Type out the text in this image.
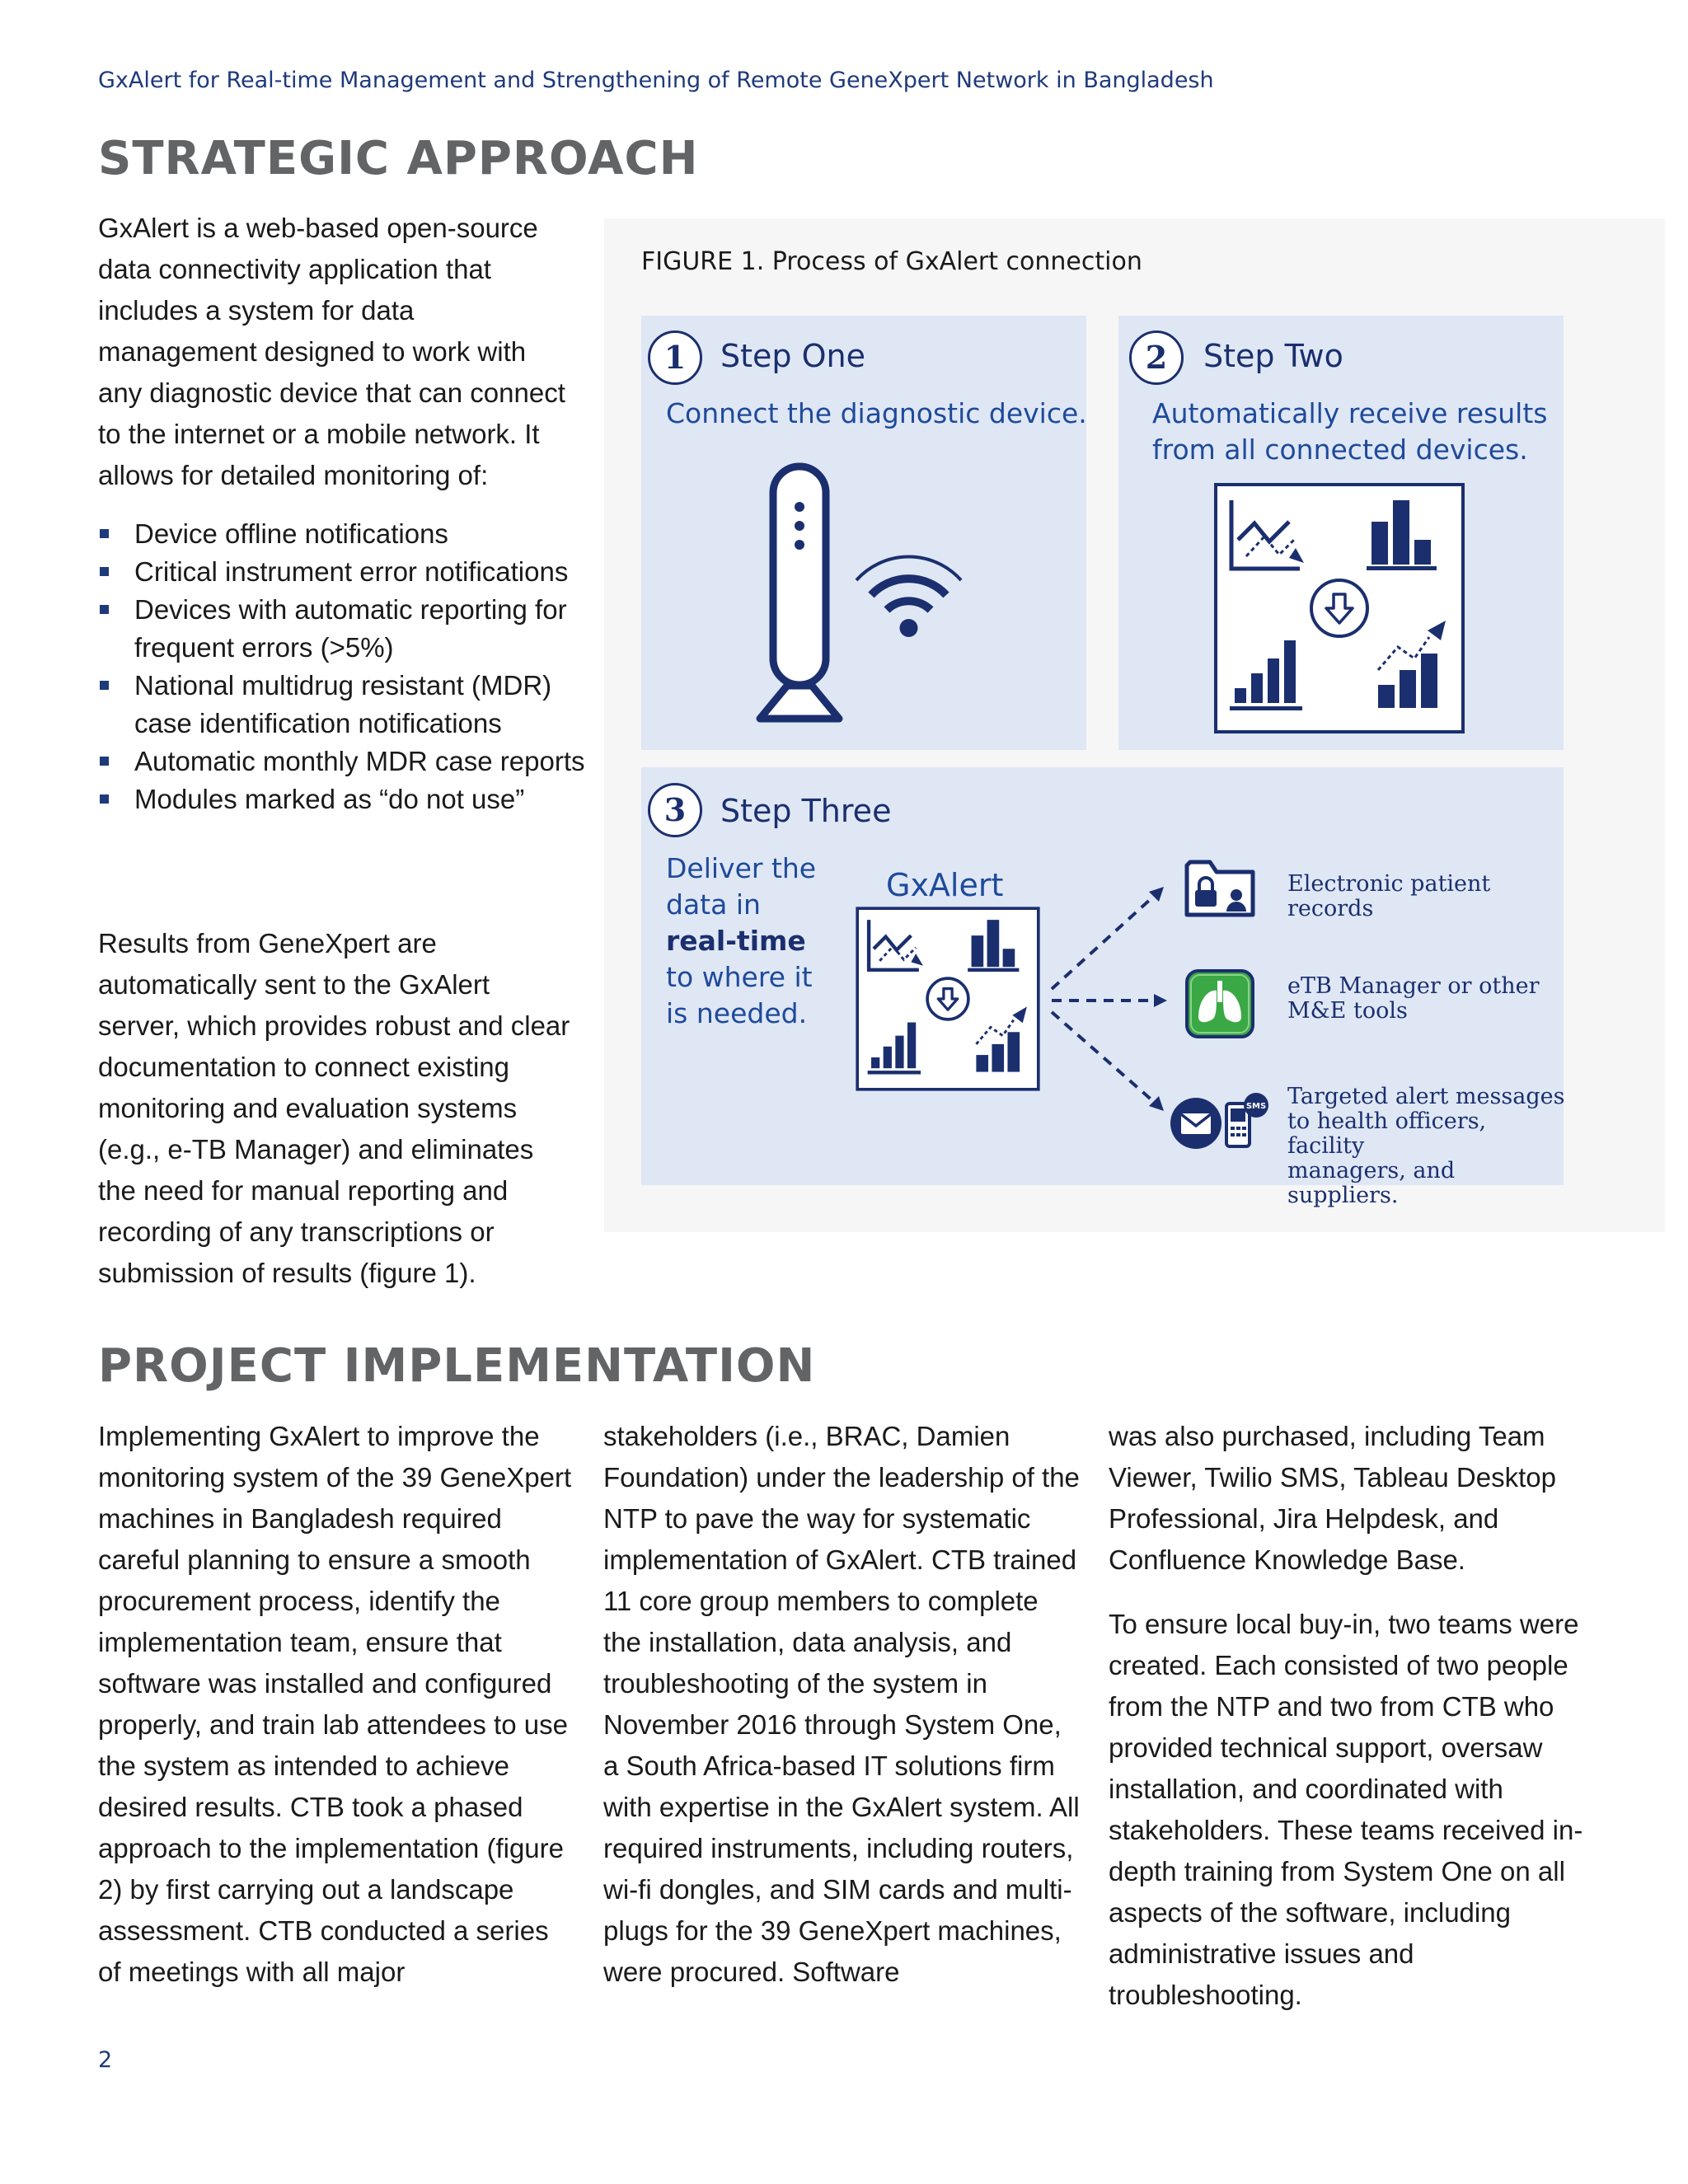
GxAlert for Real-time Management and Strengthening of Remote GeneXpert Network in Bangladesh
STRATEGIC APPROACH

GxAlert is a web-based open-source data connectivity application that includes a system for data management designed to work with any diagnostic device that can connect to the internet or a mobile network. It allows for detailed monitoring of:

Device offline notifications
Critical instrument error notifications
Devices with automatic reporting for frequent errors (>5%)
National multidrug resistant (MDR) case identification notifications
Automatic monthly MDR case reports
Modules marked as “do not use”

Results from GeneXpert are automatically sent to the GxAlert server, which provides robust and clear documentation to connect existing monitoring and evaluation systems (e.g., e-TB Manager) and eliminates the need for manual reporting and recording of any transcriptions or submission of results (figure 1).

FIGURE 1. Process of GxAlert connection
1	Step One
Connect the diagnostic device.
2	Step Two
Automatically receive results
from all connected devices.
3	Step Three
Deliver the
data in
real-time
to where it
is needed.
GxAlert	Electronic patient
records
eTB Manager or other
M&E tools
SMS Targeted alert messages
to health officers, facility
managers, and suppliers.
PROJECT IMPLEMENTATION

Implementing GxAlert to improve the monitoring system of the 39 GeneXpert machines in Bangladesh required careful planning to ensure a smooth procurement process, identify the implementation team, ensure that software was installed and configured properly, and train lab attendees to use the system as intended to achieve desired results. CTB took a phased approach to the implementation (figure 2) by first carrying out a landscape assessment. CTB conducted a series of meetings with all major

stakeholders (i.e., BRAC, Damien Foundation) under the leadership of the NTP to pave the way for systematic implementation of GxAlert. CTB trained 11 core group members to complete the installation, data analysis, and troubleshooting of the system in November 2016 through System One, a South Africa-based IT solutions firm with expertise in the GxAlert system. All required instruments, including routers, wi-fi dongles, and SIM cards and multi-plugs for the 39 GeneXpert machines, were procured. Software

was also purchased, including Team Viewer, Twilio SMS, Tableau Desktop Professional, Jira Helpdesk, and Confluence Knowledge Base.

To ensure local buy-in, two teams were created. Each consisted of two people from the NTP and two from CTB who provided technical support, oversaw installation, and coordinated with stakeholders. These teams received in-depth training from System One on all aspects of the software, including administrative issues and troubleshooting.

2
